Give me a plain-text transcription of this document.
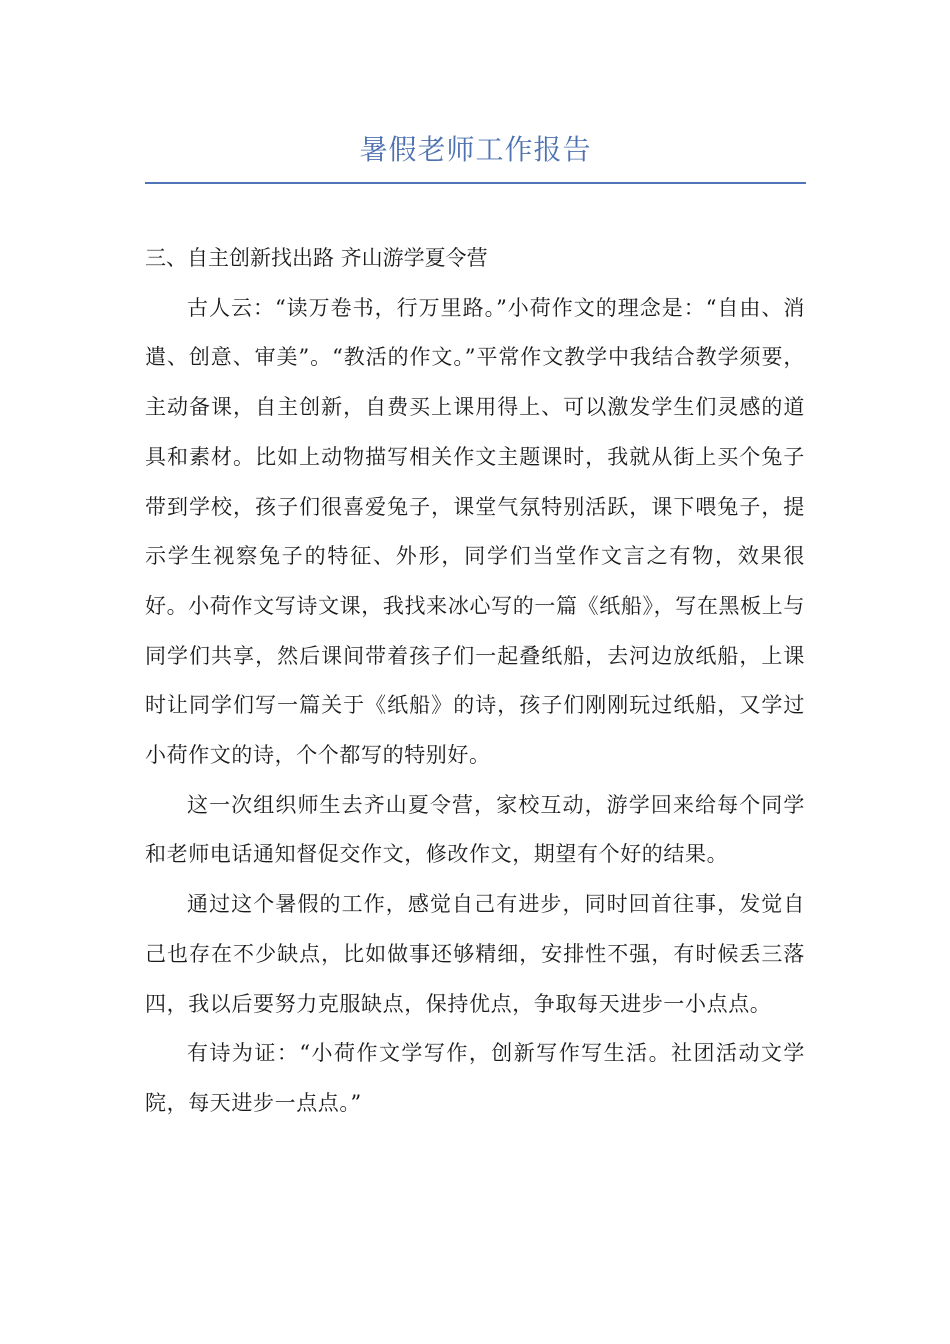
暑假老师工作报告

三、自主创新找出路 齐山游学夏令营

古人云：“读万卷书，行万里路。”小荷作文的理念是：“自由、消遣、创意、审美”。“教活的作文。”平常作文教学中我结合教学须要，主动备课，自主创新，自费买上课用得上、可以激发学生们灵感的道具和素材。比如上动物描写相关作文主题课时，我就从街上买个兔子带到学校，孩子们很喜爱兔子，课堂气氛特别活跃，课下喂兔子，提示学生视察兔子的特征、外形，同学们当堂作文言之有物，效果很好。小荷作文写诗文课，我找来冰心写的一篇《纸船》，写在黑板上与同学们共享，然后课间带着孩子们一起叠纸船，去河边放纸船，上课时让同学们写一篇关于《纸船》的诗，孩子们刚刚玩过纸船，又学过小荷作文的诗，个个都写的特别好。

这一次组织师生去齐山夏令营，家校互动，游学回来给每个同学和老师电话通知督促交作文，修改作文，期望有个好的结果。

通过这个暑假的工作，感觉自己有进步，同时回首往事，发觉自己也存在不少缺点，比如做事还够精细，安排性不强，有时候丢三落四，我以后要努力克服缺点，保持优点，争取每天进步一小点点。

有诗为证：“小荷作文学写作，创新写作写生活。社团活动文学院，每天进步一点点。”
